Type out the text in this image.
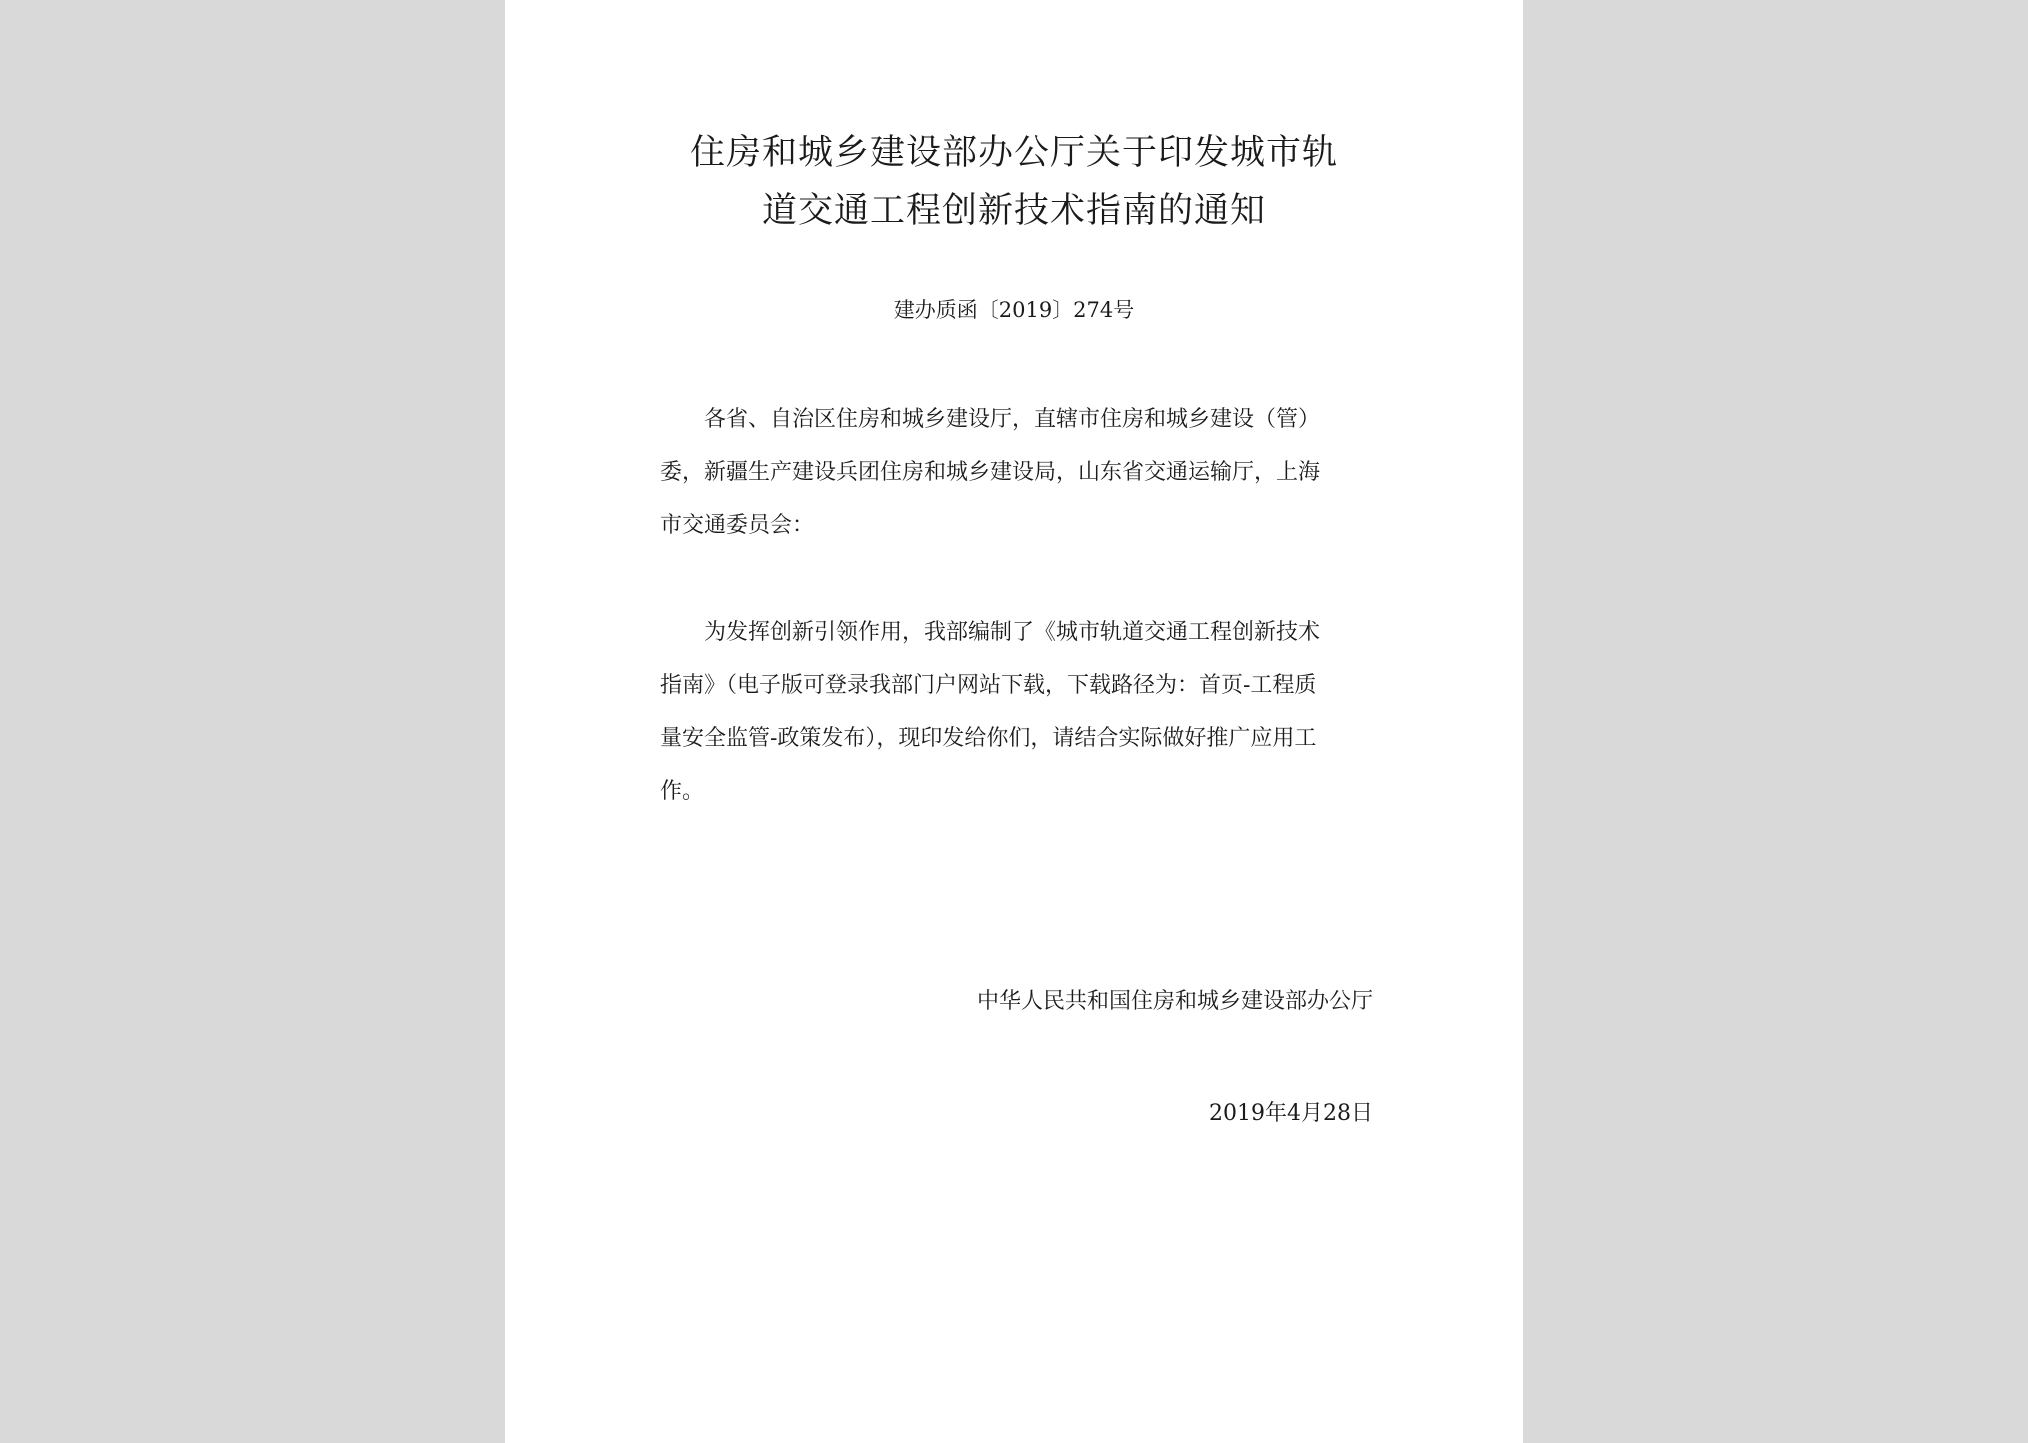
住房和城乡建设部办公厅关于印发城市轨
道交通工程创新技术指南的通知
建办质函〔2019〕274号
各省、自治区住房和城乡建设厅，直辖市住房和城乡建设（管）
委，新疆生产建设兵团住房和城乡建设局，山东省交通运输厅，上海
市交通委员会：
为发挥创新引领作用，我部编制了《城市轨道交通工程创新技术
指南》（电子版可登录我部门户网站下载，下载路径为：首页-工程质
量安全监管-政策发布），现印发给你们，请结合实际做好推广应用工
作。
中华人民共和国住房和城乡建设部办公厅
2019年4月28日
